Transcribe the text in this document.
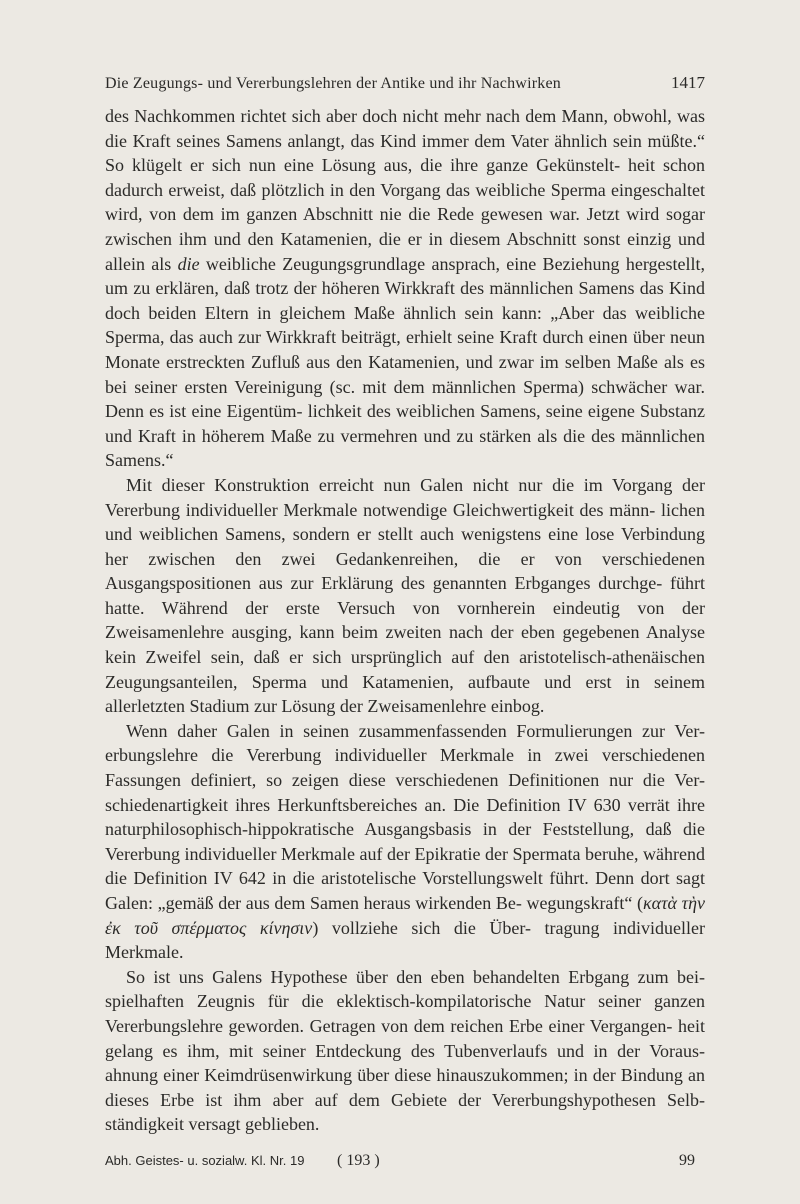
Die Zeugungs- und Vererbungslehren der Antike und ihr Nachwirken	1417

des Nachkommen richtet sich aber doch nicht mehr nach dem Mann, obwohl, was die Kraft seines Samens anlangt, das Kind immer dem Vater ähnlich sein müßte.“ So klügelt er sich nun eine Lösung aus, die ihre ganze Gekünstelt- heit schon dadurch erweist, daß plötzlich in den Vorgang das weibliche Sperma eingeschaltet wird, von dem im ganzen Abschnitt nie die Rede gewesen war. Jetzt wird sogar zwischen ihm und den Katamenien, die er in diesem Abschnitt sonst einzig und allein als die weibliche Zeugungsgrundlage ansprach, eine Beziehung hergestellt, um zu erklären, daß trotz der höheren Wirkkraft des männlichen Samens das Kind doch beiden Eltern in gleichem Maße ähnlich sein kann: „Aber das weibliche Sperma, das auch zur Wirkkraft beiträgt, erhielt seine Kraft durch einen über neun Monate erstreckten Zufluß aus den Katamenien, und zwar im selben Maße als es bei seiner ersten Vereinigung (sc. mit dem männlichen Sperma) schwächer war. Denn es ist eine Eigentüm- lichkeit des weiblichen Samens, seine eigene Substanz und Kraft in höherem Maße zu vermehren und zu stärken als die des männlichen Samens.“

Mit dieser Konstruktion erreicht nun Galen nicht nur die im Vorgang der Vererbung individueller Merkmale notwendige Gleichwertigkeit des männ- lichen und weiblichen Samens, sondern er stellt auch wenigstens eine lose Verbindung her zwischen den zwei Gedankenreihen, die er von verschiedenen Ausgangspositionen aus zur Erklärung des genannten Erbganges durchge- führt hatte. Während der erste Versuch von vornherein eindeutig von der Zweisamenlehre ausging, kann beim zweiten nach der eben gegebenen Analyse kein Zweifel sein, daß er sich ursprünglich auf den aristotelisch-athenäischen Zeugungsanteilen, Sperma und Katamenien, aufbaute und erst in seinem allerletzten Stadium zur Lösung der Zweisamenlehre einbog.

Wenn daher Galen in seinen zusammenfassenden Formulierungen zur Ver- erbungslehre die Vererbung individueller Merkmale in zwei verschiedenen Fassungen definiert, so zeigen diese verschiedenen Definitionen nur die Ver- schiedenartigkeit ihres Herkunftsbereiches an. Die Definition IV 630 verrät ihre naturphilosophisch-hippokratische Ausgangsbasis in der Feststellung, daß die Vererbung individueller Merkmale auf der Epikratie der Spermata beruhe, während die Definition IV 642 in die aristotelische Vorstellungswelt führt. Denn dort sagt Galen: „gemäß der aus dem Samen heraus wirkenden Be- wegungskraft“ (κατὰ τὴν ἐκ τοῦ σπέρματος κίνησιν) vollziehe sich die Über- tragung individueller Merkmale.

So ist uns Galens Hypothese über den eben behandelten Erbgang zum bei- spielhaften Zeugnis für die eklektisch-kompilatorische Natur seiner ganzen Vererbungslehre geworden. Getragen von dem reichen Erbe einer Vergangen- heit gelang es ihm, mit seiner Entdeckung des Tubenverlaufs und in der Voraus- ahnung einer Keimdrüsenwirkung über diese hinauszukommen; in der Bindung an dieses Erbe ist ihm aber auf dem Gebiete der Vererbungshypothesen Selb- ständigkeit versagt geblieben.

Abh. Geistes- u. sozialw. Kl. Nr. 19	( 193 )	99
